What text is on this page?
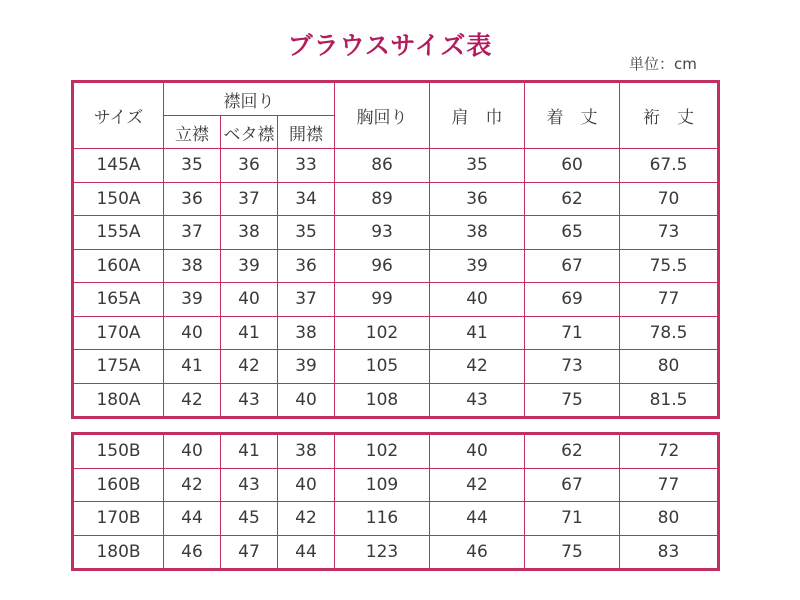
ブラウスサイズ表
単位：cm
サイズ	襟回り			胸回り	肩　巾	着　丈	裄　丈
	立襟	ベタ襟	開襟				
145A	35	36	33	86	35	60	67.5
150A	36	37	34	89	36	62	70
155A	37	38	35	93	38	65	73
160A	38	39	36	96	39	67	75.5
165A	39	40	37	99	40	69	77
170A	40	41	38	102	41	71	78.5
175A	41	42	39	105	42	73	80
180A	42	43	40	108	43	75	81.5
150B	40	41	38	102	40	62	72
160B	42	43	40	109	42	67	77
170B	44	45	42	116	44	71	80
180B	46	47	44	123	46	75	83
